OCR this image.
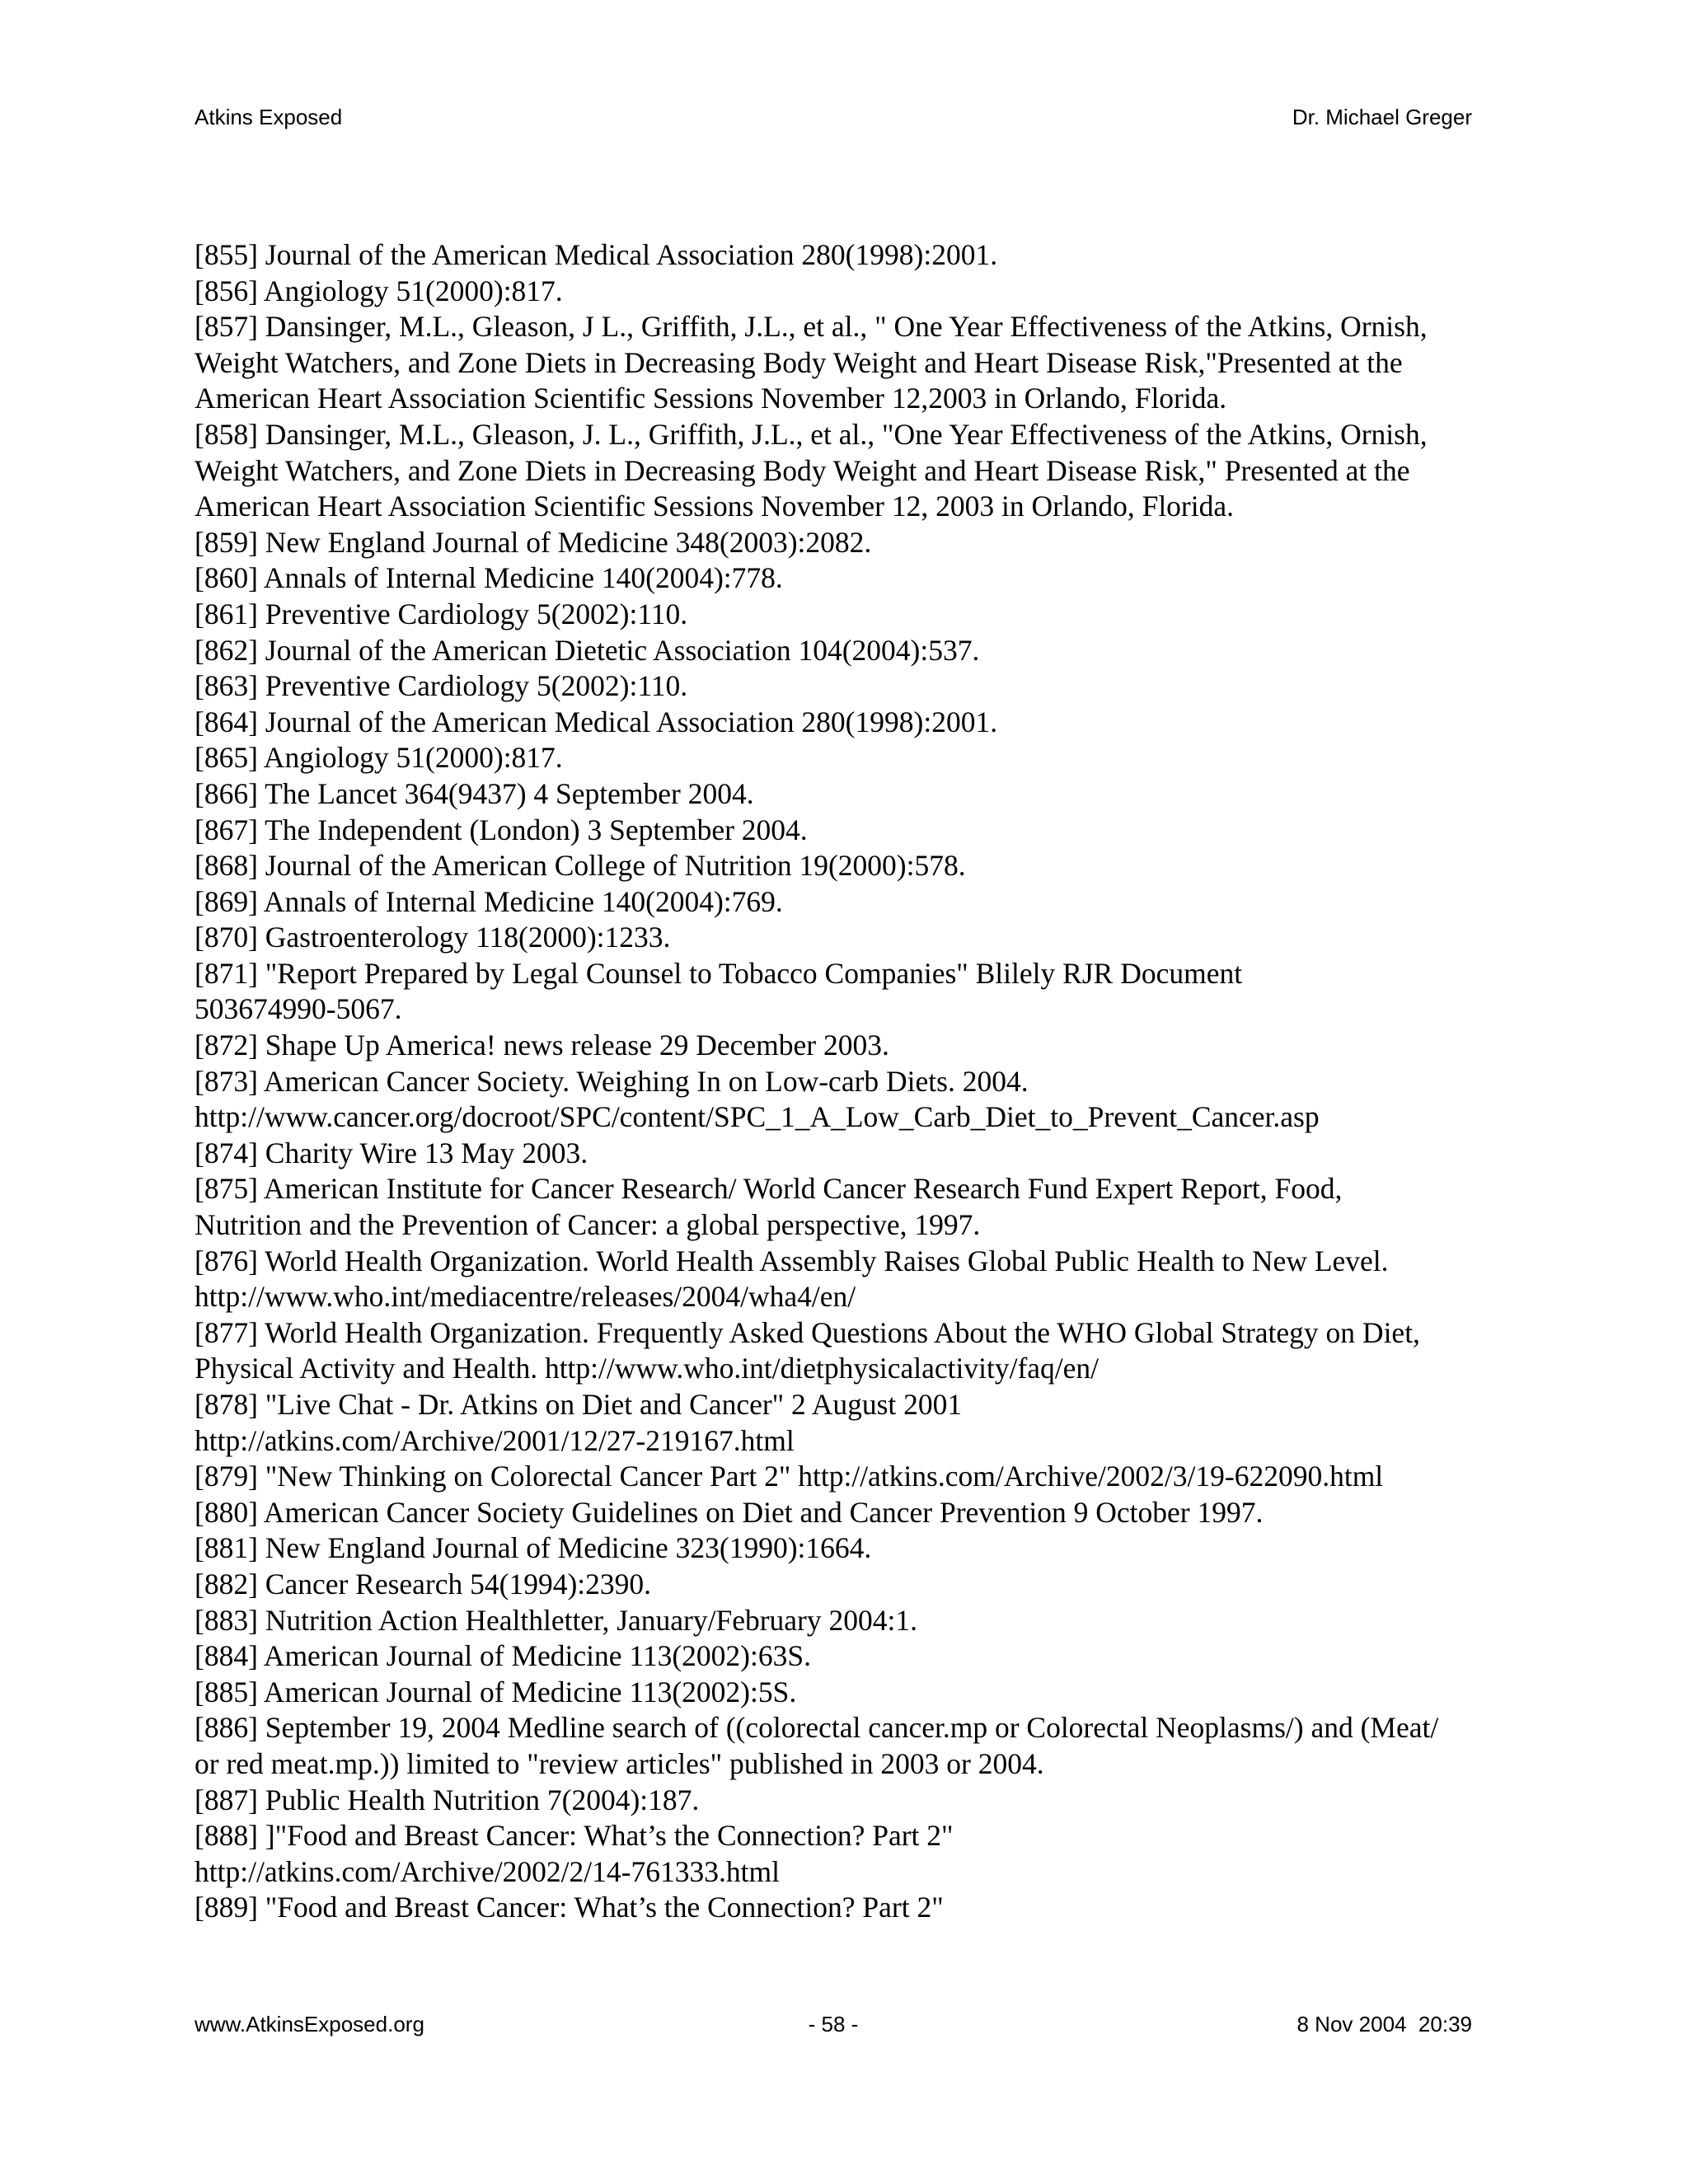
Atkins Exposed	Dr. Michael Greger
[855] Journal of the American Medical Association 280(1998):2001.
[856] Angiology 51(2000):817.
[857] Dansinger, M.L., Gleason, J L., Griffith, J.L., et al., " One Year Effectiveness of the Atkins, Ornish,
Weight Watchers, and Zone Diets in Decreasing Body Weight and Heart Disease Risk,"Presented at the
American Heart Association Scientific Sessions November 12,2003 in Orlando, Florida.
[858] Dansinger, M.L., Gleason, J. L., Griffith, J.L., et al., "One Year Effectiveness of the Atkins, Ornish,
Weight Watchers, and Zone Diets in Decreasing Body Weight and Heart Disease Risk," Presented at the
American Heart Association Scientific Sessions November 12, 2003 in Orlando, Florida.
[859] New England Journal of Medicine 348(2003):2082.
[860] Annals of Internal Medicine 140(2004):778.
[861] Preventive Cardiology 5(2002):110.
[862] Journal of the American Dietetic Association 104(2004):537.
[863] Preventive Cardiology 5(2002):110.
[864] Journal of the American Medical Association 280(1998):2001.
[865] Angiology 51(2000):817.
[866] The Lancet 364(9437) 4 September 2004.
[867] The Independent (London) 3 September 2004.
[868] Journal of the American College of Nutrition 19(2000):578.
[869] Annals of Internal Medicine 140(2004):769.
[870] Gastroenterology 118(2000):1233.
[871] "Report Prepared by Legal Counsel to Tobacco Companies" Blilely RJR Document
503674990-5067.
[872] Shape Up America! news release 29 December 2003.
[873] American Cancer Society. Weighing In on Low-carb Diets. 2004.
http://www.cancer.org/docroot/SPC/content/SPC_1_A_Low_Carb_Diet_to_Prevent_Cancer.asp
[874] Charity Wire 13 May 2003.
[875] American Institute for Cancer Research/ World Cancer Research Fund Expert Report, Food,
Nutrition and the Prevention of Cancer: a global perspective, 1997.
[876] World Health Organization. World Health Assembly Raises Global Public Health to New Level.
http://www.who.int/mediacentre/releases/2004/wha4/en/
[877] World Health Organization. Frequently Asked Questions About the WHO Global Strategy on Diet,
Physical Activity and Health. http://www.who.int/dietphysicalactivity/faq/en/
[878] "Live Chat - Dr. Atkins on Diet and Cancer" 2 August 2001
http://atkins.com/Archive/2001/12/27-219167.html
[879] "New Thinking on Colorectal Cancer Part 2" http://atkins.com/Archive/2002/3/19-622090.html
[880] American Cancer Society Guidelines on Diet and Cancer Prevention 9 October 1997.
[881] New England Journal of Medicine 323(1990):1664.
[882] Cancer Research 54(1994):2390.
[883] Nutrition Action Healthletter, January/February 2004:1.
[884] American Journal of Medicine 113(2002):63S.
[885] American Journal of Medicine 113(2002):5S.
[886] September 19, 2004 Medline search of ((colorectal cancer.mp or Colorectal Neoplasms/) and (Meat/
or red meat.mp.)) limited to "review articles" published in 2003 or 2004.
[887] Public Health Nutrition 7(2004):187.
[888] ]"Food and Breast Cancer: What’s the Connection? Part 2"
http://atkins.com/Archive/2002/2/14-761333.html
[889] "Food and Breast Cancer: What’s the Connection? Part 2"
www.AtkinsExposed.org	- 58 -	8 Nov 2004  20:39
